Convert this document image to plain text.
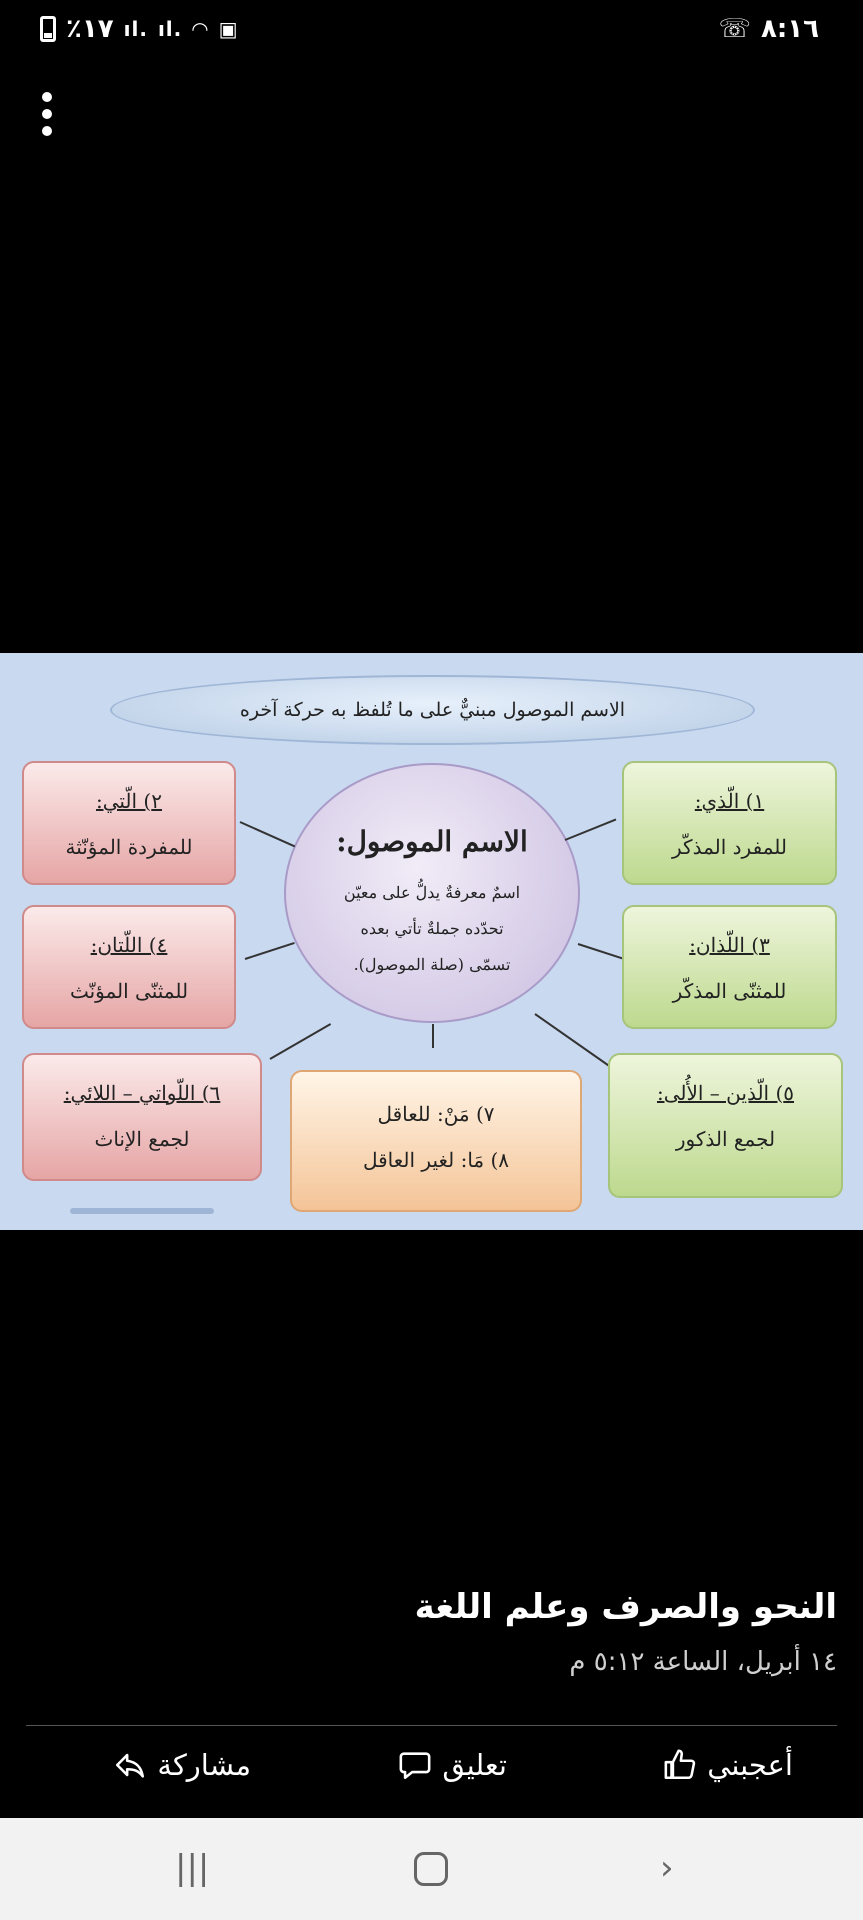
٪١٧ ıl. ıl. ◠ ▣	☏ ٨:١٦
الاسم الموصول مبنيٌّ على ما تُلفظ به حركة آخره
الاسم الموصول:
اسمٌ معرفةٌ يدلُّ على معيّن
تحدّده جملةٌ تأتي بعده
تسمّى (صلة الموصول).
١) الّذي:
للمفرد المذكّر
٢) الّتي:
للمفردة المؤنّثة
٣) اللّذان:
للمثنّى المذكّر
٤) اللّتان:
للمثنّى المؤنّث
٥) الّذين – الأُلى:
لجمع الذكور
٦) اللّواتي – اللائي:
لجمع الإناث
٧) مَنْ: للعاقل
٨) مَا: لغير العاقل
النحو والصرف وعلم اللغة
١٤ أبريل، الساعة ٥:١٢ م
أعجبني
تعليق
مشاركة
|||	›
